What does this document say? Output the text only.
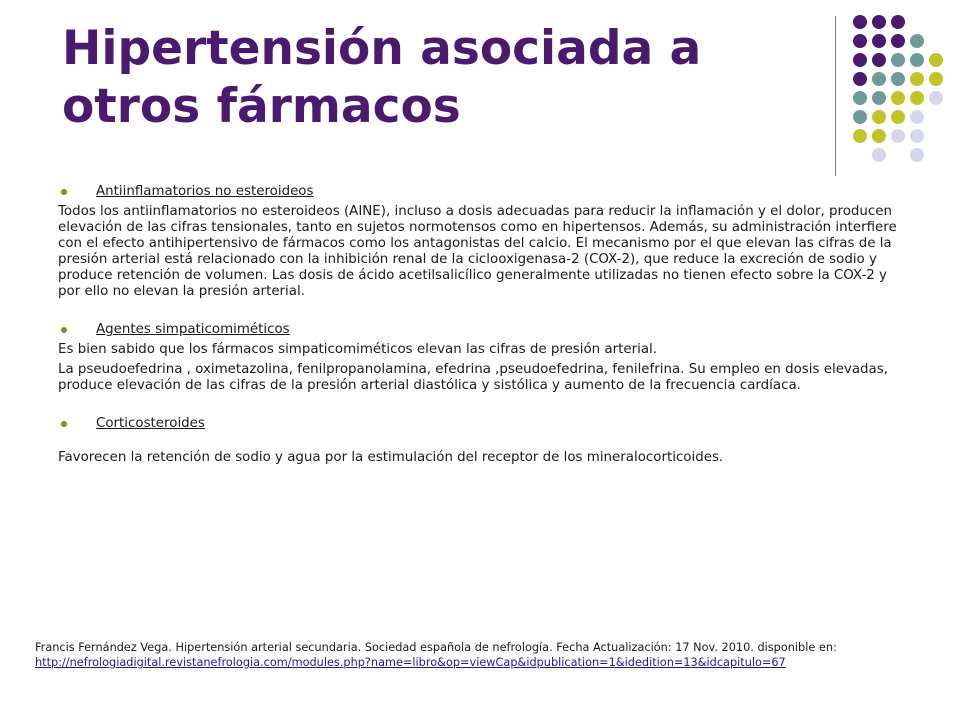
Hipertensión asociada a otros fármacos
Antiinflamatorios no esteroideos

Todos los antiinflamatorios no esteroideos (AINE), incluso a dosis adecuadas para reducir la inflamación y el dolor, producen elevación de las cifras tensionales, tanto en sujetos normotensos como en hipertensos. Además, su administración interfiere con el efecto antihipertensivo de fármacos como los antagonistas del calcio. El mecanismo por el que elevan las cifras de la presión arterial está relacionado con la inhibición renal de la ciclooxigenasa-2 (COX-2), que reduce la excreción de sodio y produce retención de volumen. Las dosis de ácido acetilsalicílico generalmente utilizadas no tienen efecto sobre la COX-2 y por ello no elevan la presión arterial.

Agentes simpaticomiméticos

Es bien sabido que los fármacos simpaticomiméticos elevan las cifras de presión arterial.

La pseudoefedrina , oximetazolina, fenilpropanolamina, efedrina ,pseudoefedrina, fenilefrina. Su empleo en dosis elevadas, produce elevación de las cifras de la presión arterial diastólica y sistólica y aumento de la frecuencia cardíaca.

Corticosteroides

Favorecen la retención de sodio y agua por la estimulación del receptor de los mineralocorticoides.

Francis Fernández Vega. Hipertensión arterial secundaria. Sociedad española de nefrología. Fecha Actualización: 17 Nov. 2010. disponible en:
http://nefrologiadigital.revistanefrologia.com/modules.php?name=libro&op=viewCap&idpublication=1&idedition=13&idcapitulo=67
